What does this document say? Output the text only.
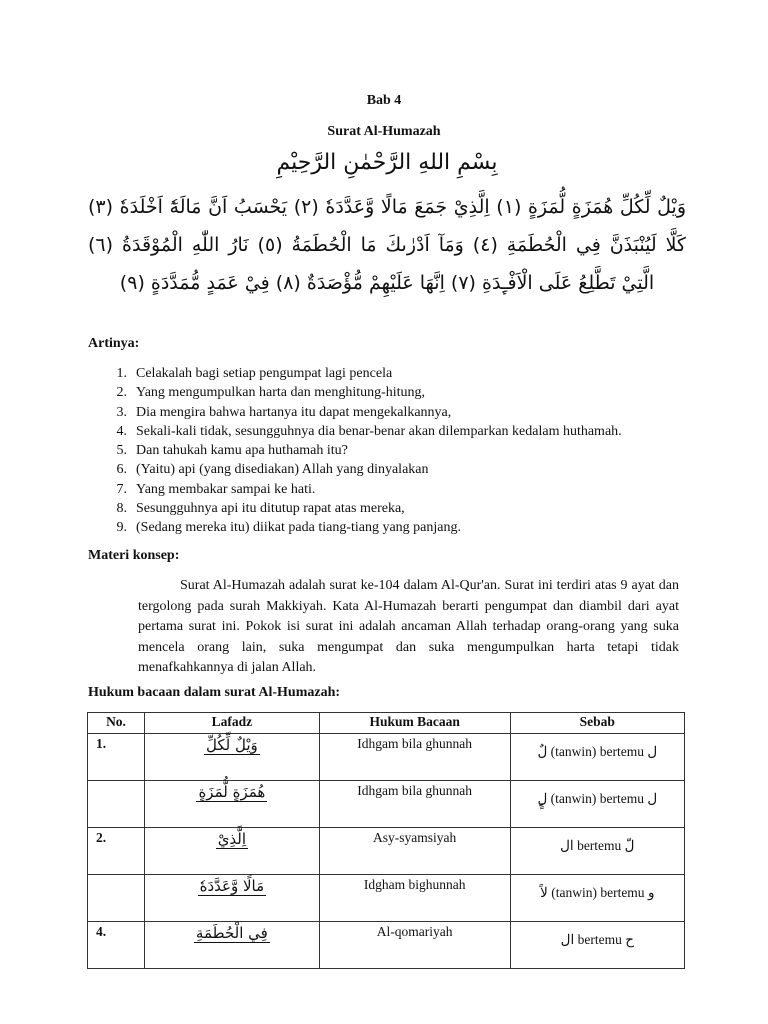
Bab 4
Surat Al-Humazah
بِسْمِ اللهِ الرَّحْمٰنِ الرَّحِيْمِ
وَيْلٌ لِّكُلِّ هُمَزَةٍ لُّمَزَةٍ (١) اِلَّذِيْ جَمَعَ مَالًا وَّعَدَّدَهٗ (٢) يَحْسَبُ اَنَّ مَالَهٗٓ اَخْلَدَهٗ (٣) كَلَّا لَيُنْبَذَنَّ فِي الْحُطَمَةِ (٤) وَمَآ اَدْرٰىكَ مَا الْحُطَمَةُ (٥) نَارُ اللّٰهِ الْمُوْقَدَةُ (٦) الَّتِيْ تَطَّلِعُ عَلَى الْاَفْـِٕدَةِ (٧) اِنَّهَا عَلَيْهِمْ مُّؤْصَدَةٌ (٨) فِيْ عَمَدٍ مُّمَدَّدَةٍ (٩)
Artinya:
1. Celakalah bagi setiap pengumpat lagi pencela
2. Yang mengumpulkan harta dan menghitung-hitung,
3. Dia mengira bahwa hartanya itu dapat mengekalkannya,
4. Sekali-kali tidak, sesungguhnya dia benar-benar akan dilemparkan kedalam huthamah.
5. Dan tahukah kamu apa huthamah itu?
6. (Yaitu) api (yang disediakan) Allah yang dinyalakan
7. Yang membakar sampai ke hati.
8. Sesungguhnya api itu ditutup rapat atas mereka,
9. (Sedang mereka itu) diikat pada tiang-tiang yang panjang.
Materi konsep:

Surat Al-Humazah adalah surat ke-104 dalam Al-Qur'an. Surat ini terdiri atas 9 ayat dan tergolong pada surah Makkiyah. Kata Al-Humazah berarti pengumpat dan diambil dari ayat pertama surat ini. Pokok isi surat ini adalah ancaman Allah terhadap orang-orang yang suka mencela orang lain, suka mengumpat dan suka mengumpulkan harta tetapi tidak menafkahkannya di jalan Allah.

Hukum bacaan dalam surat Al-Humazah:
No.	Lafadz	Hukum Bacaan	Sebab
1.	وَيْلٌ لِّكُلِّ	Idhgam bila ghunnah	لٌ (tanwin) bertemu ل
	هُمَزَةٍ لُّمَزَةٍ	Idhgam bila ghunnah	ٍلٍ (tanwin) bertemu ل
2.	اِلَّذِيْ	Asy-syamsiyah	ال bertemu لّ
	مَالًا وَّعَدَّدَهٗ	Idgham bighunnah	لاً (tanwin) bertemu و
4.	فِي الْحُطَمَةِ	Al-qomariyah	ال bertemu ح
